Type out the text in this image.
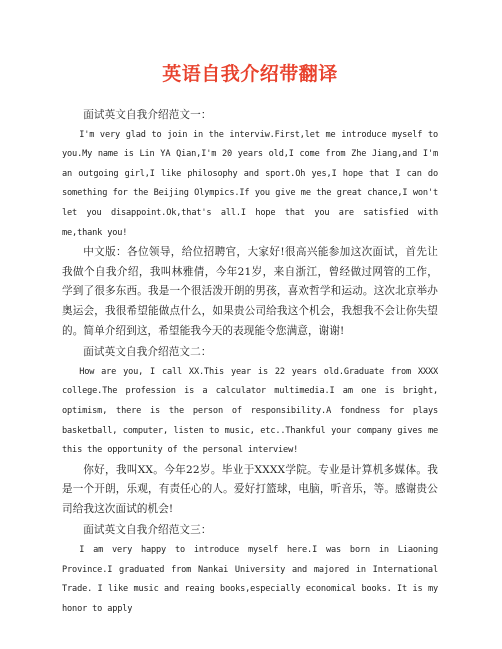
英语自我介绍带翻译

面试英文自我介绍范文一：

I'm very glad to join in the interviw.First,let me introduce myself to you.My name is Lin YA Qian,I'm 20 years old,I come from Zhe Jiang,and I'm an outgoing girl,I like philosophy and sport.Oh yes,I hope that I can do something for the Beijing Olympics.If you give me the great chance,I won't let you disappoint.Ok,that's all.I hope that you are satisfied with me,thank you!

中文版：各位领导，给位招聘官，大家好!很高兴能参加这次面试，首先让我做个自我介绍，我叫林雅倩，今年21岁，来自浙江，曾经做过网管的工作，学到了很多东西。我是一个很活泼开朗的男孩，喜欢哲学和运动。这次北京举办奥运会，我很希望能做点什么，如果贵公司给我这个机会，我想我不会让你失望的。简单介绍到这，希望能我今天的表现能令您满意，谢谢!

面试英文自我介绍范文二：

How are you, I call XX.This year is 22 years old.Graduate from XXXX college.The profession is a calculator multimedia.I am one is bright, optimism, there is the person of responsibility.A fondness for plays basketball, computer, listen to music, etc..Thankful your company gives me this the opportunity of the personal interview!

你好，我叫XX。今年22岁。毕业于XXXX学院。专业是计算机多媒体。我是一个开朗，乐观，有责任心的人。爱好打篮球，电脑，听音乐，等。感谢贵公司给我这次面试的机会!

面试英文自我介绍范文三：

I am very happy to introduce myself here.I was born in Liaoning Province.I graduated from Nankai University and majored in International Trade. I like music and reaing books,especially economical books. It is my honor to apply
